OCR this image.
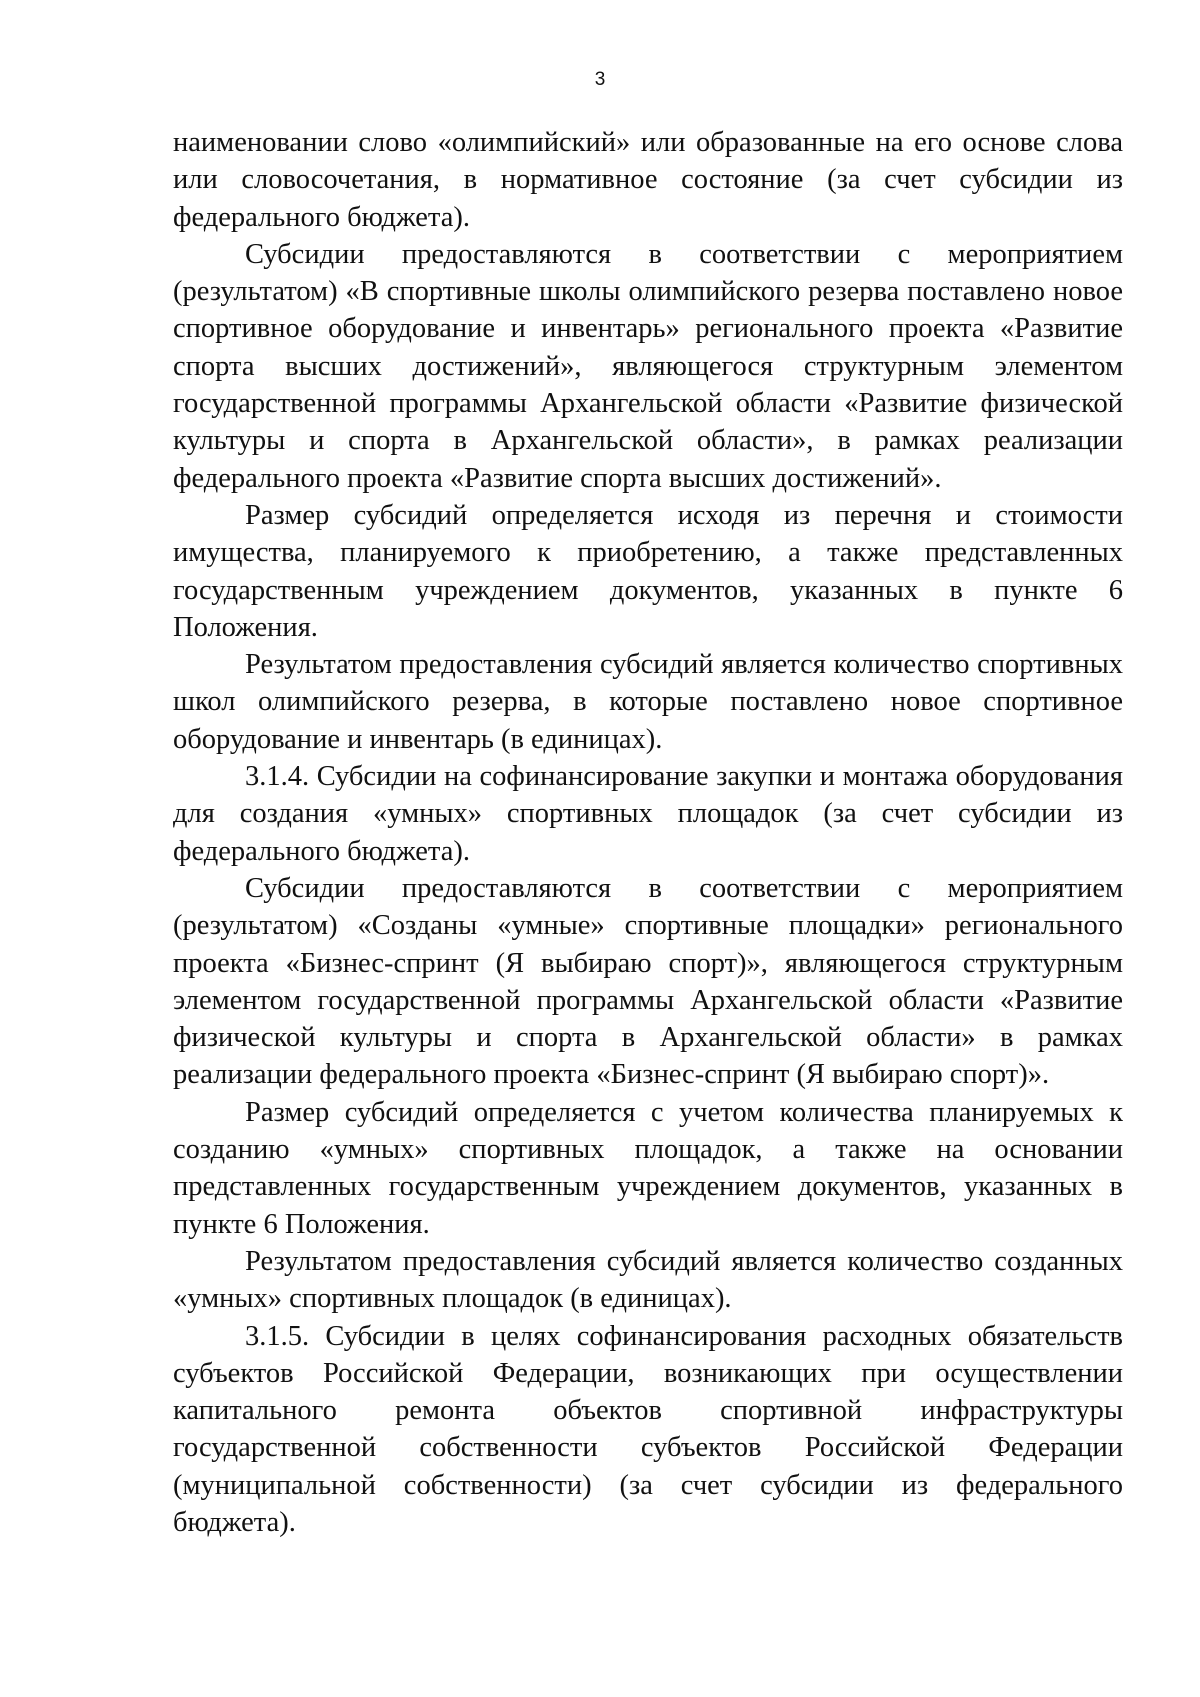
3

наименовании слово «олимпийский» или образованные на его основе слова или словосочетания, в нормативное состояние (за счет субсидии из федерального бюджета).

Субсидии предоставляются в соответствии с мероприятием (результатом) «В спортивные школы олимпийского резерва поставлено новое спортивное оборудование и инвентарь» регионального проекта «Развитие спорта высших достижений», являющегося структурным элементом государственной программы Архангельской области «Развитие физической культуры и спорта в Архангельской области», в рамках реализации федерального проекта «Развитие спорта высших достижений».

Размер субсидий определяется исходя из перечня и стоимости имущества, планируемого к приобретению, а также представленных государственным учреждением документов, указанных в пункте 6 Положения.

Результатом предоставления субсидий является количество спортивных школ олимпийского резерва, в которые поставлено новое спортивное оборудование и инвентарь (в единицах).

3.1.4. Субсидии на софинансирование закупки и монтажа оборудования для создания «умных» спортивных площадок (за счет субсидии из федерального бюджета).

Субсидии предоставляются в соответствии с мероприятием (результатом) «Созданы «умные» спортивные площадки» регионального проекта «Бизнес-спринт (Я выбираю спорт)», являющегося структурным элементом государственной программы Архангельской области «Развитие физической культуры и спорта в Архангельской области» в рамках реализации федерального проекта «Бизнес-спринт (Я выбираю спорт)».

Размер субсидий определяется с учетом количества планируемых к созданию «умных» спортивных площадок, а также на основании представленных государственным учреждением документов, указанных в пункте 6 Положения.

Результатом предоставления субсидий является количество созданных «умных» спортивных площадок (в единицах).

3.1.5. Субсидии в целях софинансирования расходных обязательств субъектов Российской Федерации, возникающих при осуществлении капитального ремонта объектов спортивной инфраструктуры государственной собственности субъектов Российской Федерации (муниципальной собственности) (за счет субсидии из федерального бюджета).
